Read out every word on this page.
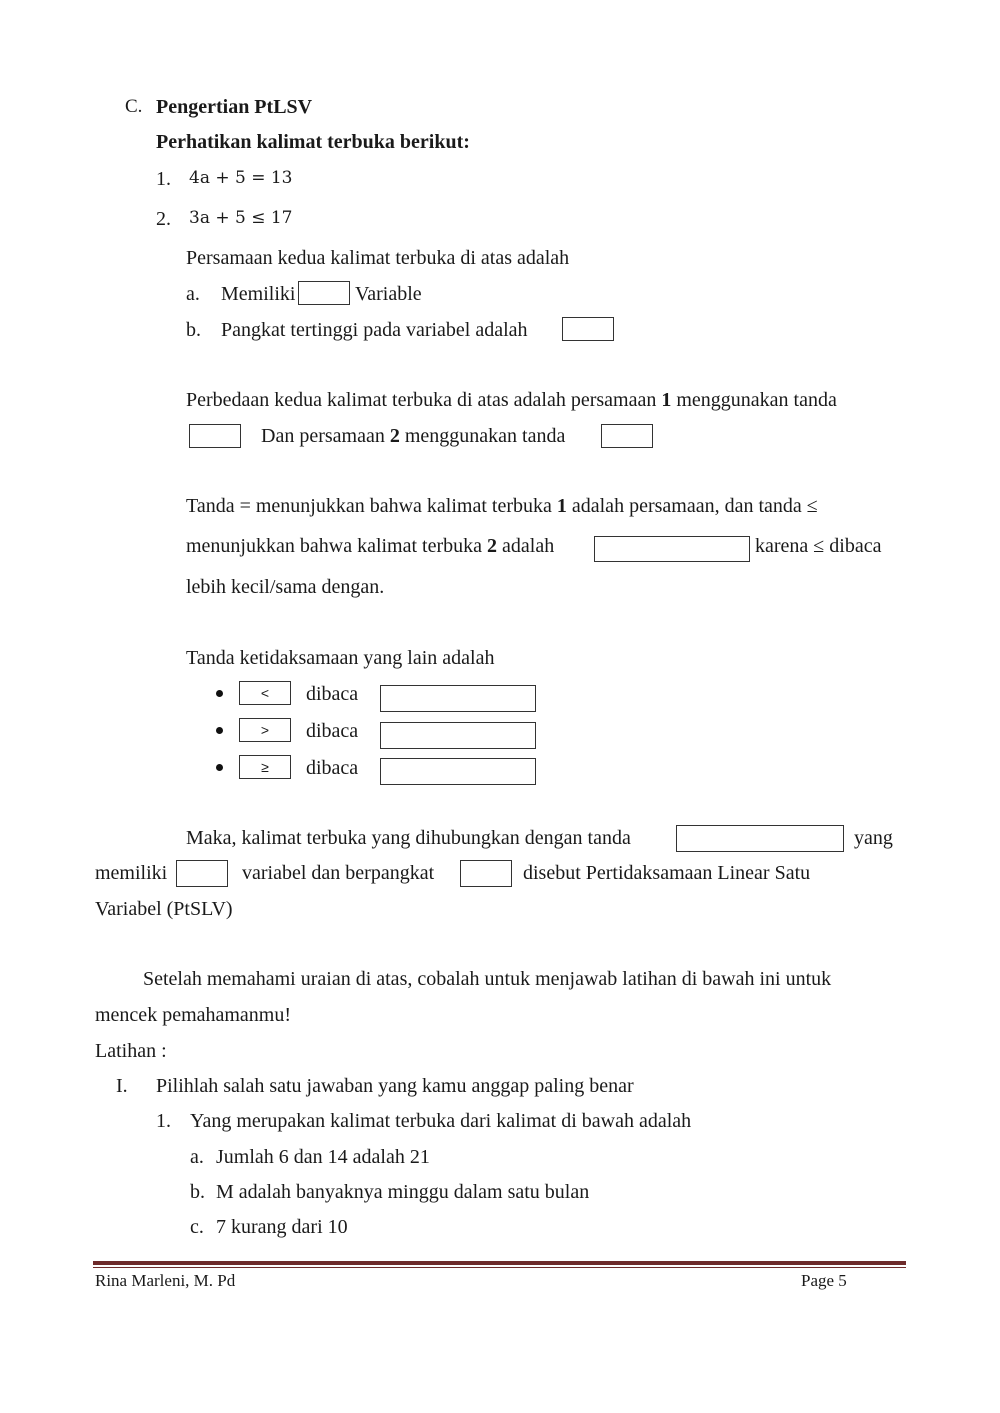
C. Pengertian PtLSV
Perhatikan kalimat terbuka berikut:
1. 4a + 5 = 13
2. 3a + 5 ≤ 17
Persamaan kedua kalimat terbuka di atas adalah
a. Memiliki	Variable
b. Pangkat tertinggi pada variabel adalah
Perbedaan kedua kalimat terbuka di atas adalah persamaan 1 menggunakan tanda
Dan persamaan 2 menggunakan tanda
Tanda = menunjukkan bahwa kalimat terbuka 1 adalah persamaan, dan tanda ≤
menunjukkan bahwa kalimat terbuka 2 adalah	karena ≤ dibaca
lebih kecil/sama dengan.
Tanda ketidaksamaan yang lain adalah
<	dibaca
>	dibaca
≥	dibaca
Maka, kalimat terbuka yang dihubungkan dengan tanda	yang
memiliki	variabel dan berpangkat	disebut Pertidaksamaan Linear Satu
Variabel (PtSLV)
Setelah memahami uraian di atas, cobalah untuk menjawab latihan di bawah ini untuk
mencek pemahamanmu!
Latihan :
I. Pilihlah salah satu jawaban yang kamu anggap paling benar
1. Yang merupakan kalimat terbuka dari kalimat di bawah adalah
a. Jumlah 6 dan 14 adalah 21
b. M adalah banyaknya minggu dalam satu bulan
c. 7 kurang dari 10
Rina Marleni, M. Pd	Page 5
